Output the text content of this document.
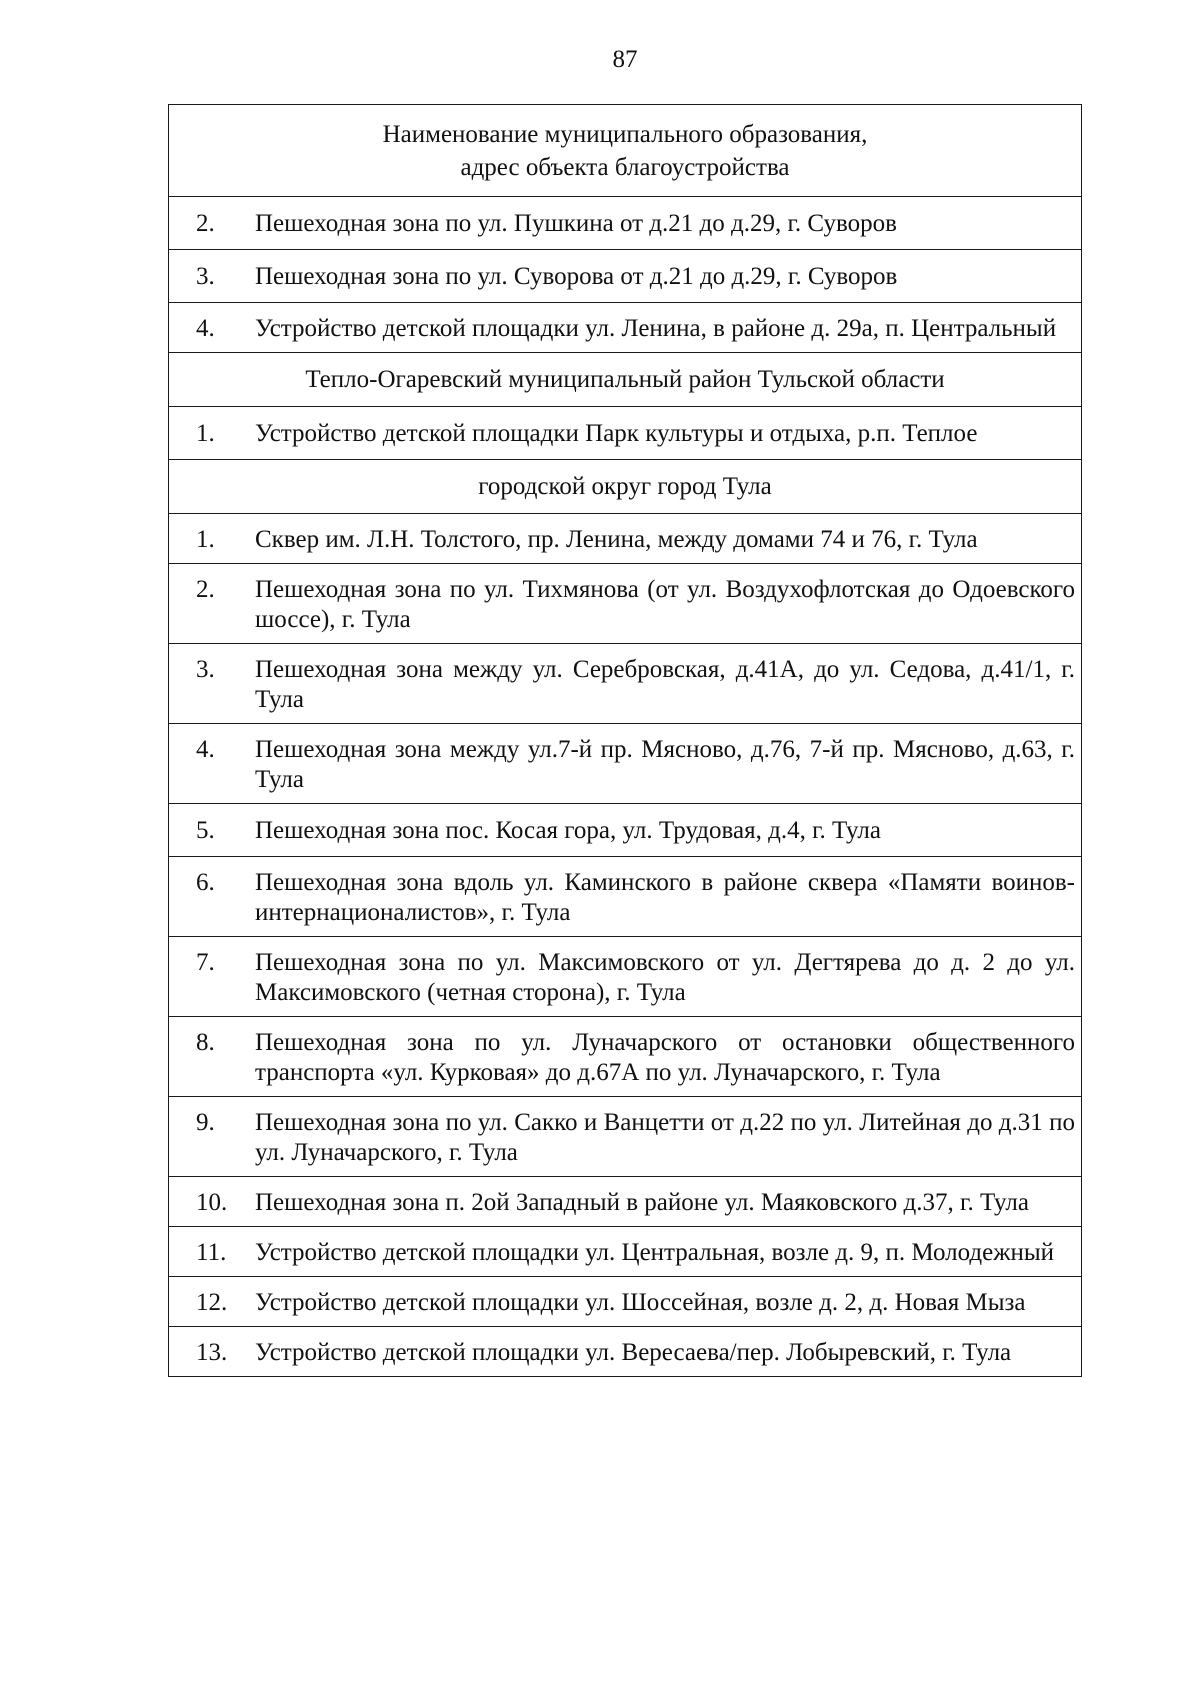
87
Наименование муниципального образования,
адрес объекта благоустройства
2.	Пешеходная зона по ул. Пушкина от д.21 до д.29, г. Суворов
3.	Пешеходная зона по ул. Суворова от д.21 до д.29, г. Суворов
4.	Устройство детской площадки ул. Ленина, в районе д. 29а, п. Центральный
Тепло-Огаревский муниципальный район Тульской области
1.	Устройство детской площадки Парк культуры и отдыха, р.п. Теплое
городской округ город Тула
1.	Сквер им. Л.Н. Толстого, пр. Ленина, между домами 74 и 76, г. Тула
2.	Пешеходная зона по ул. Тихмянова (от ул. Воздухофлотская до Одоевского шоссе), г. Тула
3.	Пешеходная зона между ул. Серебровская, д.41А, до ул. Седова, д.41/1, г. Тула
4.	Пешеходная зона между ул.7-й пр. Мясново, д.76, 7-й пр. Мясново, д.63, г. Тула
5.	Пешеходная зона пос. Косая гора, ул. Трудовая, д.4, г. Тула
6.	Пешеходная зона вдоль ул. Каминского в районе сквера «Памяти воинов-интернационалистов», г. Тула
7.	Пешеходная зона по ул. Максимовского от ул. Дегтярева до д. 2 до ул. Максимовского (четная сторона), г. Тула
8.	Пешеходная зона по ул. Луначарского от остановки общественного транспорта «ул. Курковая» до д.67А по ул. Луначарского, г. Тула
9.	Пешеходная зона по ул. Сакко и Ванцетти от д.22 по ул. Литейная до д.31 по ул. Луначарского, г. Тула
10.	Пешеходная зона п. 2ой Западный в районе ул. Маяковского д.37, г. Тула
11.	Устройство детской площадки ул. Центральная, возле д. 9, п. Молодежный
12.	Устройство детской площадки ул. Шоссейная, возле д. 2, д. Новая Мыза
13.	Устройство детской площадки ул. Вересаева/пер. Лобыревский, г. Тула
